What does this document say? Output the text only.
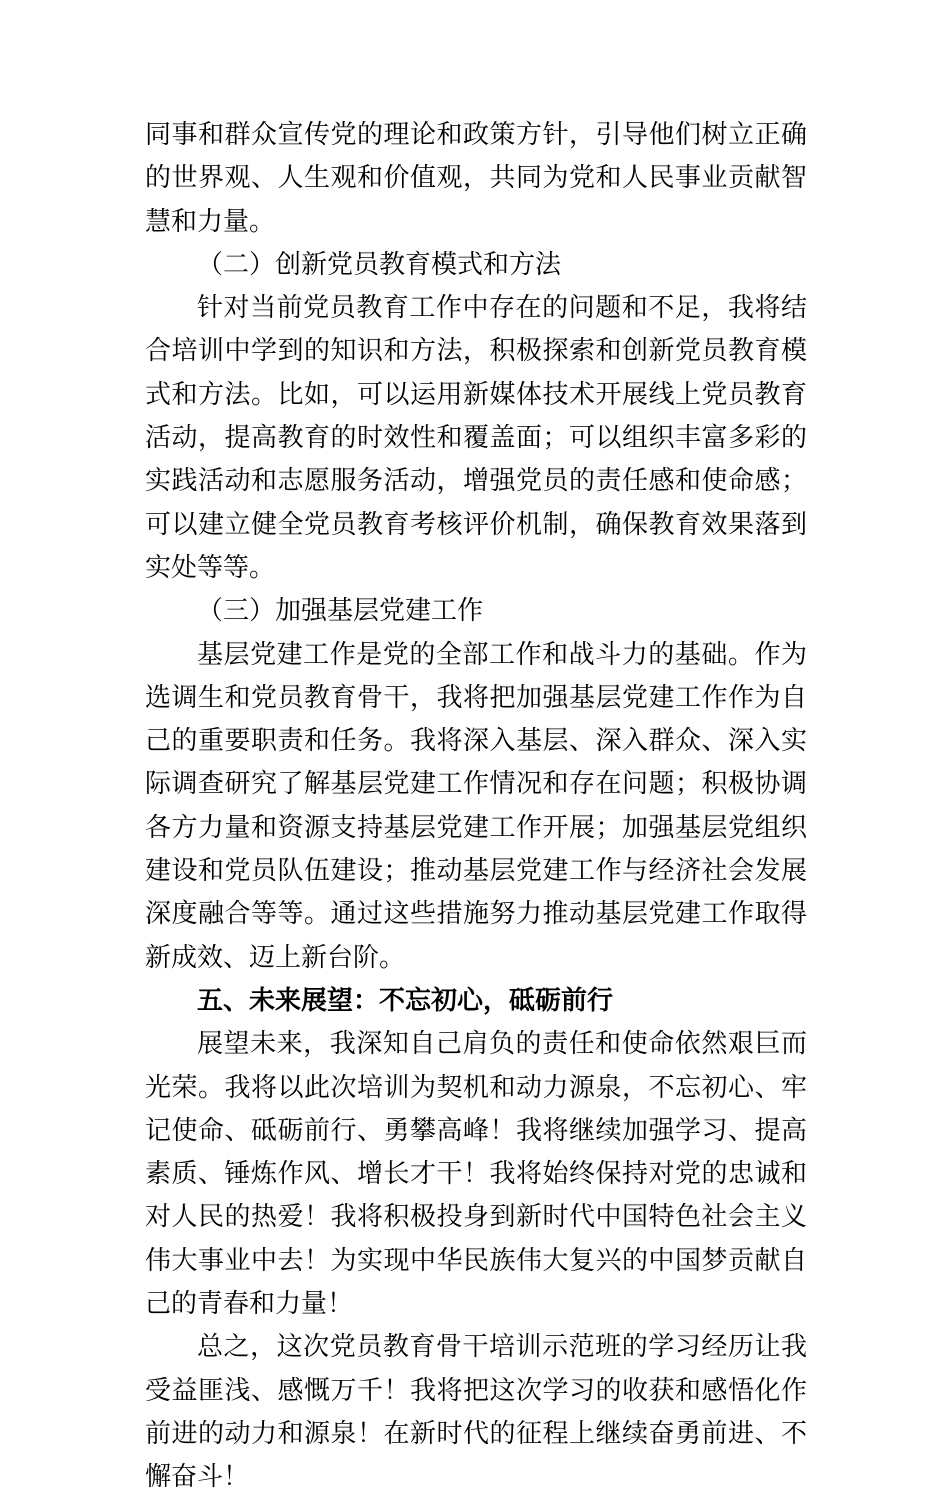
同事和群众宣传党的理论和政策方针，引导他们树立正确的世界观、人生观和价值观，共同为党和人民事业贡献智慧和力量。

（二）创新党员教育模式和方法

针对当前党员教育工作中存在的问题和不足，我将结合培训中学到的知识和方法，积极探索和创新党员教育模式和方法。比如，可以运用新媒体技术开展线上党员教育活动，提高教育的时效性和覆盖面；可以组织丰富多彩的实践活动和志愿服务活动，增强党员的责任感和使命感；可以建立健全党员教育考核评价机制，确保教育效果落到实处等等。

（三）加强基层党建工作

基层党建工作是党的全部工作和战斗力的基础。作为选调生和党员教育骨干，我将把加强基层党建工作作为自己的重要职责和任务。我将深入基层、深入群众、深入实际调查研究了解基层党建工作情况和存在问题；积极协调各方力量和资源支持基层党建工作开展；加强基层党组织建设和党员队伍建设；推动基层党建工作与经济社会发展深度融合等等。通过这些措施努力推动基层党建工作取得新成效、迈上新台阶。

五、未来展望：不忘初心，砥砺前行

展望未来，我深知自己肩负的责任和使命依然艰巨而光荣。我将以此次培训为契机和动力源泉，不忘初心、牢记使命、砥砺前行、勇攀高峰！我将继续加强学习、提高素质、锤炼作风、增长才干！我将始终保持对党的忠诚和对人民的热爱！我将积极投身到新时代中国特色社会主义伟大事业中去！为实现中华民族伟大复兴的中国梦贡献自己的青春和力量！

总之，这次党员教育骨干培训示范班的学习经历让我受益匪浅、感慨万千！我将把这次学习的收获和感悟化作前进的动力和源泉！在新时代的征程上继续奋勇前进、不懈奋斗！
